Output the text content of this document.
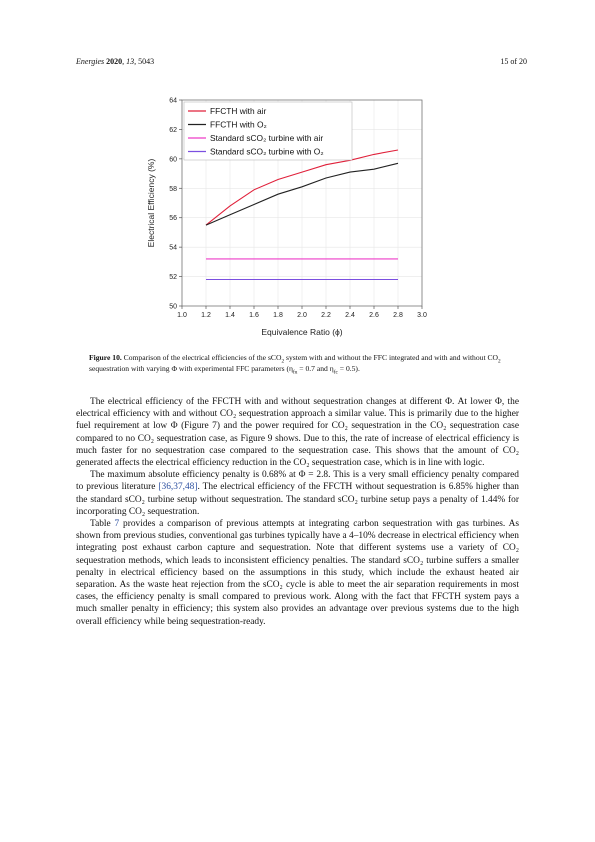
Energies 2020, 13, 5043	15 of 20
1.0 1.2 1.4 1.6 1.8 2.0 2.2 2.4 2.6 2.8 3.0
50
52
54
56
58
60
62
64
Equivalence Ratio (ϕ)
Electrical Efficiency (%)
FFCTH with air
FFCTH with O₂
Standard sCO₂ turbine with air
Standard sCO₂ turbine with O₂
Figure 10. Comparison of the electrical efficiencies of the sCO$_2$ system with and without the FFC integrated and with and without $CO_2$ sequestration with varying Φ with experimental FFC parameters ($\eta_{fu} = 0.7$ and $\eta_{fc} = 0.5$).

The electrical efficiency of the FFCTH with and without sequestration changes at different Φ. At lower Φ, the electrical efficiency with and without CO₂ sequestration approach a similar value. This is primarily due to the higher fuel requirement at low Φ (Figure 7) and the power required for CO₂ sequestration in the CO₂ sequestration case compared to no CO₂ sequestration case, as Figure 9 shows. Due to this, the rate of increase of electrical efficiency is much faster for no sequestration case compared to the sequestration case. This shows that the amount of CO₂ generated affects the electrical efficiency reduction in the CO₂ sequestration case, which is in line with logic.

The maximum absolute efficiency penalty is 0.68% at Φ = 2.8. This is a very small efficiency penalty compared to previous literature [36,37,48]. The electrical efficiency of the FFCTH without sequestration is 6.85% higher than the standard sCO₂ turbine setup without sequestration. The standard sCO₂ turbine setup pays a penalty of 1.44% for incorporating CO₂ sequestration.

Table 7 provides a comparison of previous attempts at integrating carbon sequestration with gas turbines. As shown from previous studies, conventional gas turbines typically have a 4–10% decrease in electrical efficiency when integrating post exhaust carbon capture and sequestration. Note that different systems use a variety of CO₂ sequestration methods, which leads to inconsistent efficiency penalties. The standard sCO₂ turbine suffers a smaller penalty in electrical efficiency based on the assumptions in this study, which include the exhaust heated air separation. As the waste heat rejection from the sCO₂ cycle is able to meet the air separation requirements in most cases, the efficiency penalty is small compared to previous work. Along with the fact that FFCTH system pays a much smaller penalty in efficiency; this system also provides an advantage over previous systems due to the high overall efficiency while being sequestration-ready.
